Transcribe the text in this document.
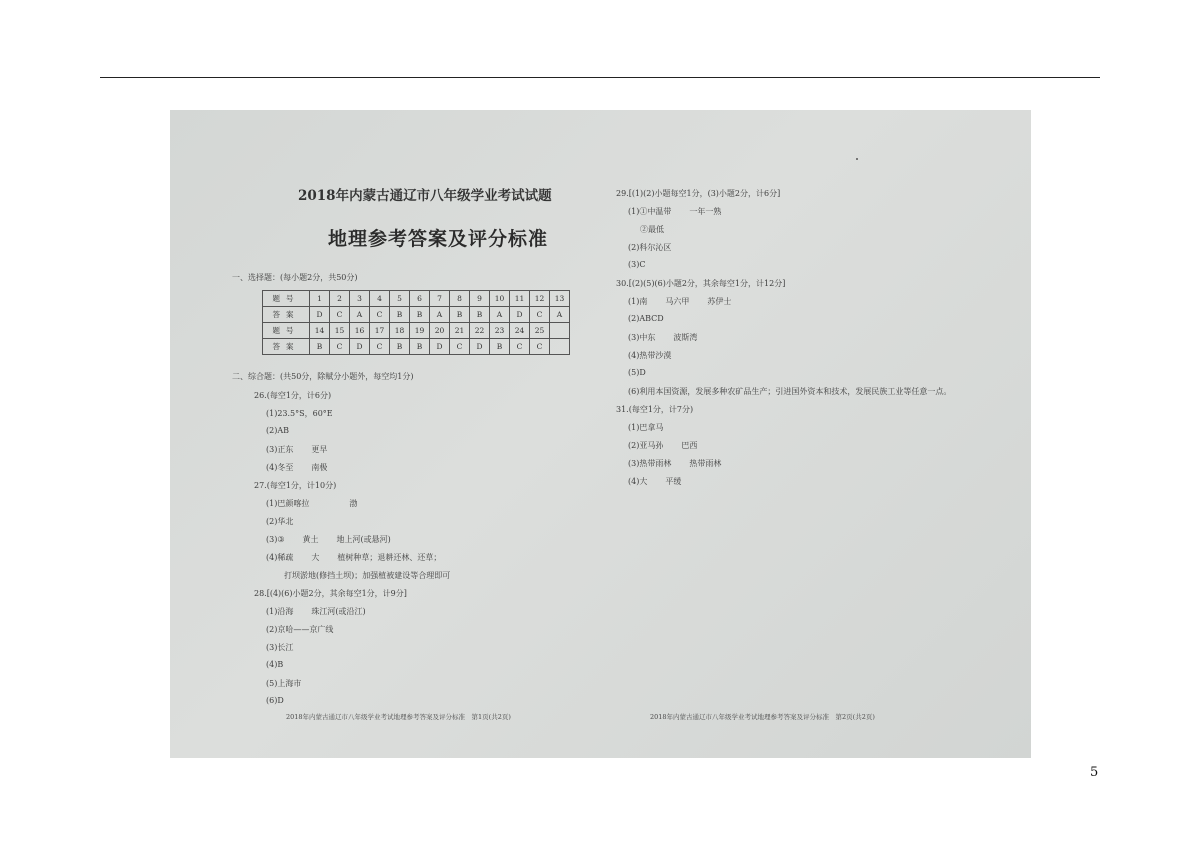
2018年内蒙古通辽市八年级学业考试试题
地理参考答案及评分标准
一、选择题：(每小题2分，共50分)
题号	1	2	3	4	5	6	7	8	9	10	11	12	13
答案	D	C	A	C	B	B	A	B	B	A	D	C	A
题号	14	15	16	17	18	19	20	21	22	23	24	25	
答案	B	C	D	C	B	B	D	C	D	B	C	C	
二、综合题：(共50分，除赋分小题外，每空均1分)
26.(每空1分，计6分)
(1)23.5°S，60°E
(2)AB
(3)正东 更早
(4)冬至 南极
27.(每空1分，计10分)
(1)巴颜喀拉	渤
(2)华北
(3)③ 黄土 地上河(或悬河)
(4)稀疏 大 植树种草；退耕还林、还草；
打坝淤地(修挡土坝)；加强植被建设等合理即可
28.[(4)(6)小题2分，其余每空1分，计9分]
(1)沿海 珠江河(或沿江)
(2)京哈——京广线
(3)长江
(4)B
(5)上海市
(6)D
29.[(1)(2)小题每空1分，(3)小题2分，计6分]
(1)①中温带 一年一熟
②最低
(2)科尔沁区
(3)C
30.[(2)(5)(6)小题2分，其余每空1分，计12分]
(1)南 马六甲 苏伊士
(2)ABCD
(3)中东 波斯湾
(4)热带沙漠
(5)D
(6)利用本国资源，发展多种农矿品生产；引进国外资本和技术，发展民族工业等任意一点。
31.(每空1分，计7分)
(1)巴拿马
(2)亚马孙 巴西
(3)热带雨林 热带雨林
(4)大 平缓
2018年内蒙古通辽市八年级学业考试地理参考答案及评分标准　第1页(共2页)	2018年内蒙古通辽市八年级学业考试地理参考答案及评分标准　第2页(共2页)
5
